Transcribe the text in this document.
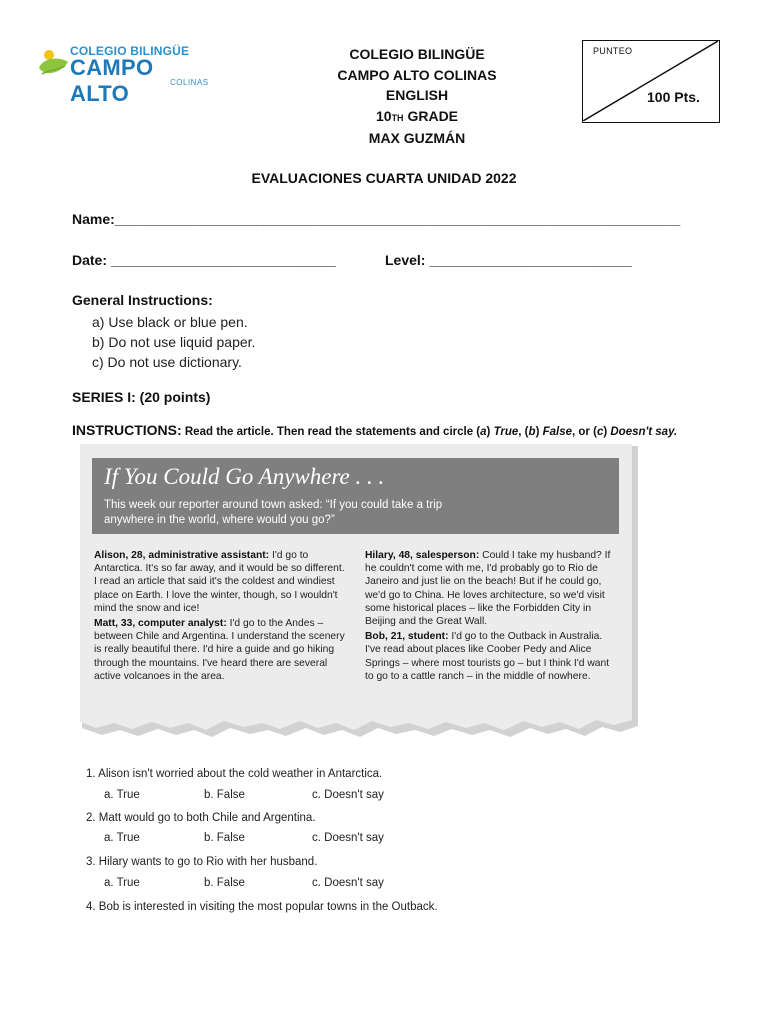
COLEGIO BILINGÜE
CAMPO ALTO	COLINAS
COLEGIO BILINGÜE
CAMPO ALTO COLINAS
ENGLISH
10TH GRADE
MAX GUZMÁN
PUNTEO
100 Pts.
EVALUACIONES CUARTA UNIDAD 2022
Name:____________________________________________________________________________
Date: ______________________________	Level: ___________________________
General Instructions:
a) Use black or blue pen.
b) Do not use liquid paper.
c) Do not use dictionary.
SERIES I: (20 points)
INSTRUCTIONS: Read the article. Then read the statements and circle (a) True, (b) False, or (c) Doesn't say.
If You Could Go Anywhere . . .
This week our reporter around town asked: “If you could take a trip anywhere in the world, where would you go?”

Alison, 28, administrative assistant: I'd go to Antarctica. It's so far away, and it would be so different. I read an article that said it's the coldest and windiest place on Earth. I love the winter, though, so I wouldn't mind the snow and ice!

Matt, 33, computer analyst: I'd go to the Andes – between Chile and Argentina. I understand the scenery is really beautiful there. I'd hire a guide and go hiking through the mountains. I've heard there are several active volcanoes in the area.

Hilary, 48, salesperson: Could I take my husband? If he couldn't come with me, I'd probably go to Rio de Janeiro and just lie on the beach! But if he could go, we'd go to China. He loves architecture, so we'd visit some historical places – like the Forbidden City in Beijing and the Great Wall.

Bob, 21, student: I'd go to the Outback in Australia. I've read about places like Coober Pedy and Alice Springs – where most tourists go – but I think I'd want to go to a cattle ranch – in the middle of nowhere.

1. Alison isn't worried about the cold weather in Antarctica.
a. True	b. False	c. Doesn't say
2. Matt would go to both Chile and Argentina.
a. True	b. False	c. Doesn't say
3. Hilary wants to go to Rio with her husband.
a. True	b. False	c. Doesn't say
4. Bob is interested in visiting the most popular towns in the Outback.
